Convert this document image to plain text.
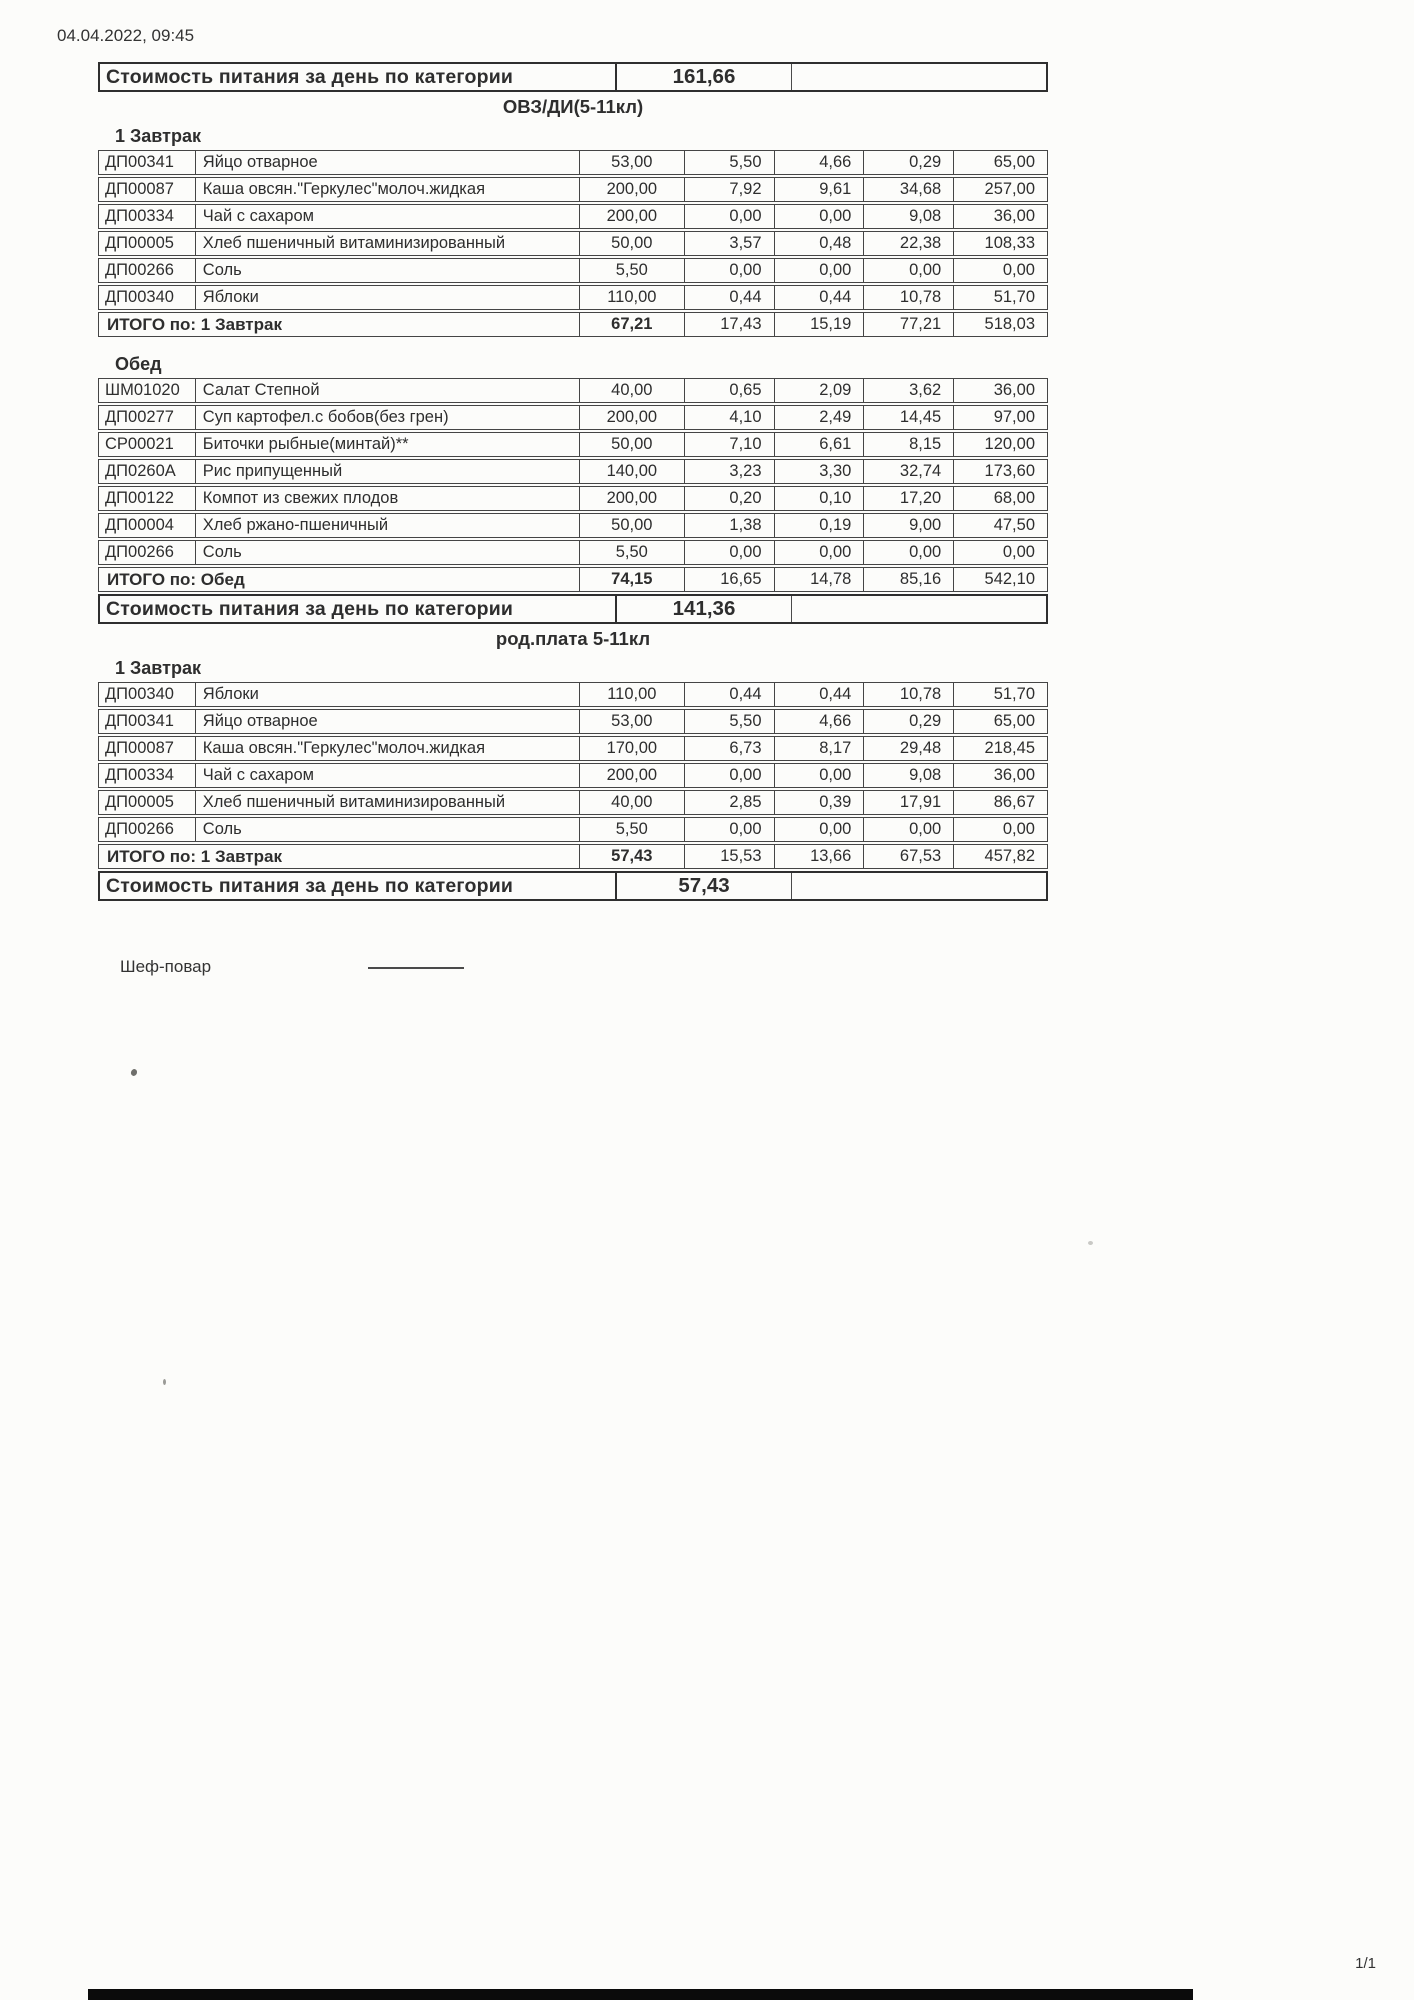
04.04.2022, 09:45
Стоимость питания за день по категории	161,66
ОВЗ/ДИ(5-11кл)
1 Завтрак
ДП00341	Яйцо отварное	53,00	5,50	4,66	0,29	65,00
ДП00087	Каша овсян."Геркулес"молоч.жидкая	200,00	7,92	9,61	34,68	257,00
ДП00334	Чай с сахаром	200,00	0,00	0,00	9,08	36,00
ДП00005	Хлеб пшеничный витаминизированный	50,00	3,57	0,48	22,38	108,33
ДП00266	Соль	5,50	0,00	0,00	0,00	0,00
ДП00340	Яблоки	110,00	0,44	0,44	10,78	51,70
ИТОГО по: 1 Завтрак	67,21	17,43	15,19	77,21	518,03
Обед
ШМ01020	Салат Степной	40,00	0,65	2,09	3,62	36,00
ДП00277	Суп картофел.с бобов(без грен)	200,00	4,10	2,49	14,45	97,00
СР00021	Биточки рыбные(минтай)**	50,00	7,10	6,61	8,15	120,00
ДП0260А	Рис припущенный	140,00	3,23	3,30	32,74	173,60
ДП00122	Компот из свежих плодов	200,00	0,20	0,10	17,20	68,00
ДП00004	Хлеб ржано-пшеничный	50,00	1,38	0,19	9,00	47,50
ДП00266	Соль	5,50	0,00	0,00	0,00	0,00
ИТОГО по: Обед	74,15	16,65	14,78	85,16	542,10
Стоимость питания за день по категории	141,36
род.плата 5-11кл
1 Завтрак
ДП00340	Яблоки	110,00	0,44	0,44	10,78	51,70
ДП00341	Яйцо отварное	53,00	5,50	4,66	0,29	65,00
ДП00087	Каша овсян."Геркулес"молоч.жидкая	170,00	6,73	8,17	29,48	218,45
ДП00334	Чай с сахаром	200,00	0,00	0,00	9,08	36,00
ДП00005	Хлеб пшеничный витаминизированный	40,00	2,85	0,39	17,91	86,67
ДП00266	Соль	5,50	0,00	0,00	0,00	0,00
ИТОГО по: 1 Завтрак	57,43	15,53	13,66	67,53	457,82
Стоимость питания за день по категории	57,43
Шеф-повар
1/1
